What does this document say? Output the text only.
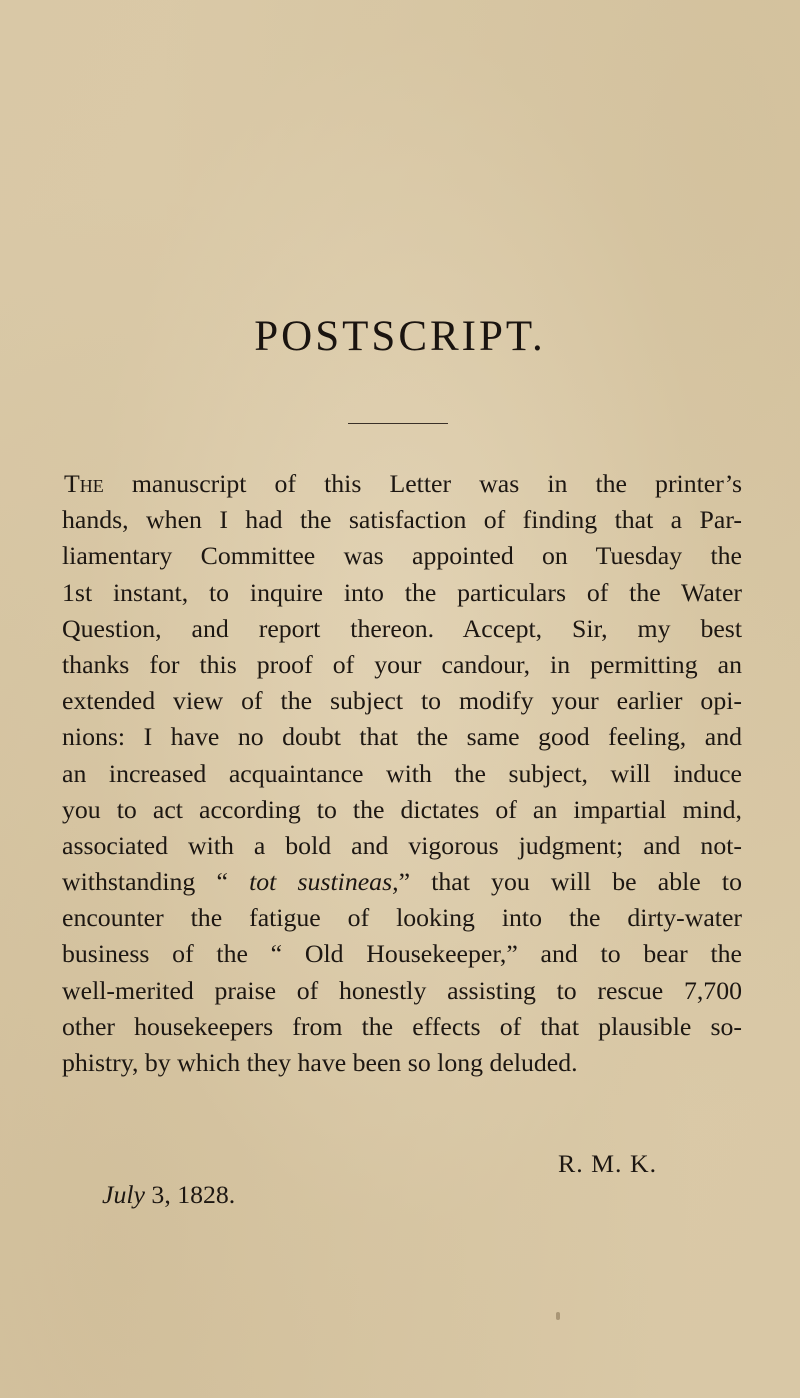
POSTSCRIPT.
The manuscript of this Letter was in the printer’s
hands, when I had the satisfaction of finding that a Par-
liamentary Committee was appointed on Tuesday the
1st instant, to inquire into the particulars of the Water
Question, and report thereon. Accept, Sir, my best
thanks for this proof of your candour, in permitting an
extended view of the subject to modify your earlier opi-
nions: I have no doubt that the same good feeling, and
an increased acquaintance with the subject, will induce
you to act according to the dictates of an impartial mind,
associated with a bold and vigorous judgment; and not-
withstanding “ tot sustineas,” that you will be able to
encounter the fatigue of looking into the dirty-water
business of the “ Old Housekeeper,” and to bear the
well-merited praise of honestly assisting to rescue 7,700
other housekeepers from the effects of that plausible so-
phistry, by which they have been so long deluded.
R. M. K.
July 3, 1828.
